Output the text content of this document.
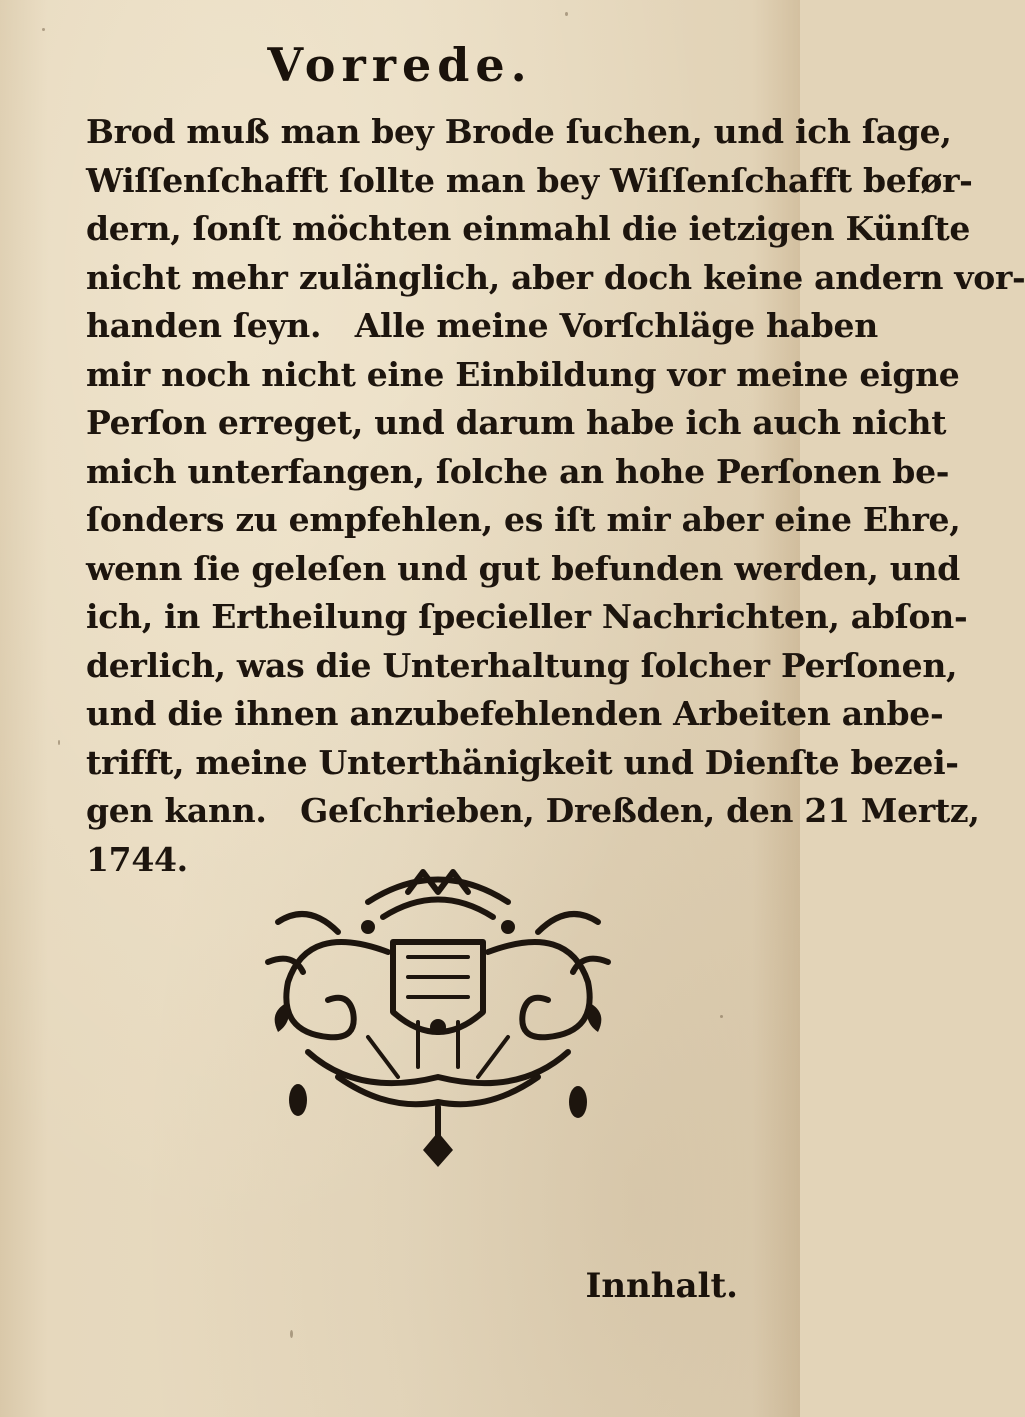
Vorrede.
Brod muß man bey Brode ſuchen, und ich ſage,
Wiſſenſchafft ſollte man bey Wiſſenſchafft befør-
dern, ſonſt möchten einmahl die ietzigen Künſte
nicht mehr zulänglich, aber doch keine andern vor-
handen ſeyn.   Alle meine Vorſchläge haben
mir noch nicht eine Einbildung vor meine eigne
Perſon erreget, und darum habe ich auch nicht
mich unterfangen, ſolche an hohe Perſonen be-
ſonders zu empfehlen, es iſt mir aber eine Ehre,
wenn ſie geleſen und gut befunden werden, und
ich, in Ertheilung ſpecieller Nachrichten, abſon-
derlich, was die Unterhaltung ſolcher Perſonen,
und die ihnen anzubefehlenden Arbeiten anbe-
trifft, meine Unterthänigkeit und Dienſte bezei-
gen kann.   Geſchrieben, Dreßden, den 21 Mertz,
1744.
Innhalt.
